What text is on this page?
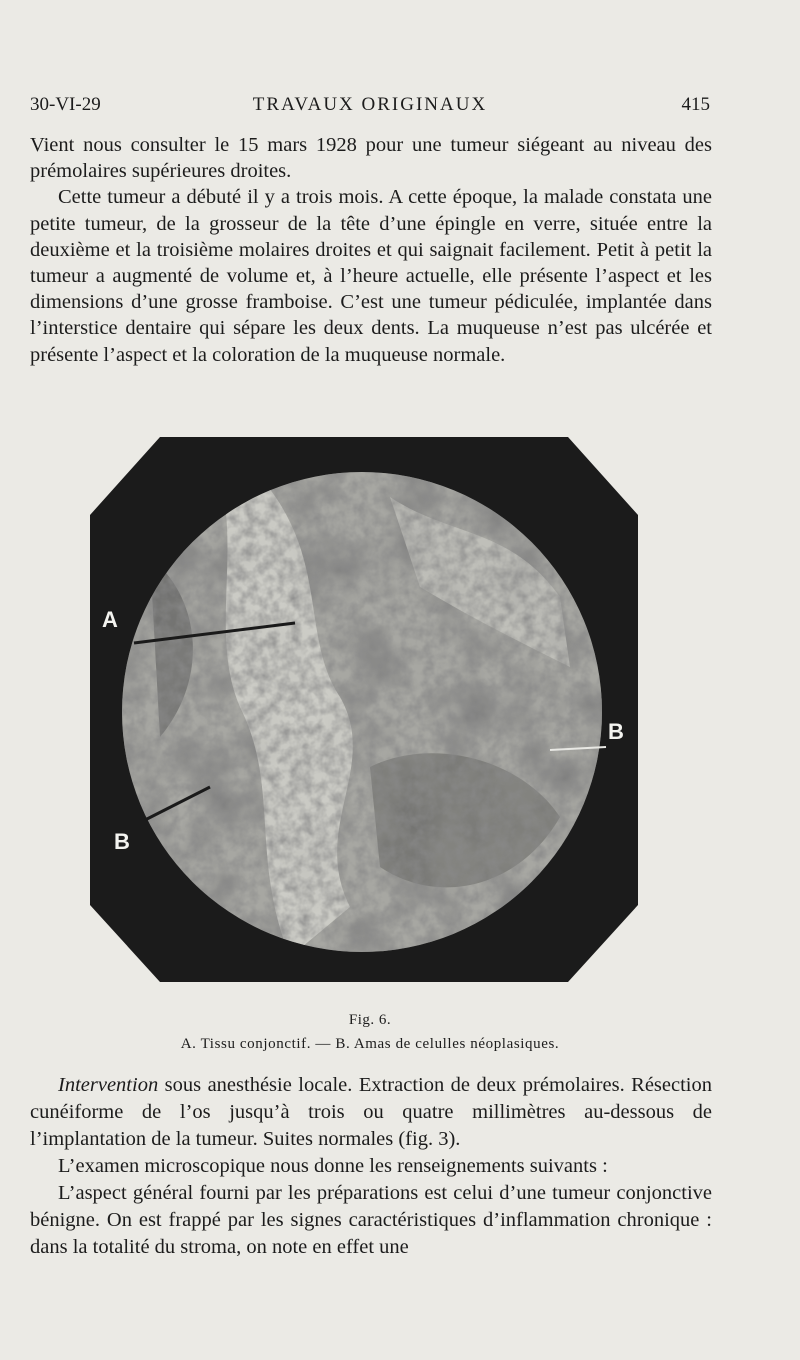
30-VI-29	TRAVAUX ORIGINAUX	415

Vient nous consulter le 15 mars 1928 pour une tumeur siégeant au niveau des prémolaires supérieures droites.

Cette tumeur a débuté il y a trois mois. A cette époque, la malade constata une petite tumeur, de la grosseur de la tête d’une épingle en verre, située entre la deuxième et la troisième molaires droites et qui saignait facilement. Petit à petit la tumeur a augmenté de volume et, à l’heure actuelle, elle présente l’aspect et les dimensions d’une grosse framboise. C’est une tumeur pédiculée, implantée dans l’interstice dentaire qui sépare les deux dents. La muqueuse n’est pas ulcérée et présente l’aspect et la coloration de la muqueuse normale.

A
B
B
Fig. 6.
A. Tissu conjonctif. — B. Amas de celulles néoplasiques.

Intervention sous anesthésie locale. Extraction de deux prémolaires. Résection cunéiforme de l’os jusqu’à trois ou quatre millimètres au-dessous de l’implantation de la tumeur. Suites normales (fig. 3).

L’examen microscopique nous donne les renseignements suivants :

L’aspect général fourni par les préparations est celui d’une tumeur conjonctive bénigne. On est frappé par les signes caractéristiques d’inflammation chronique : dans la totalité du stroma, on note en effet une
